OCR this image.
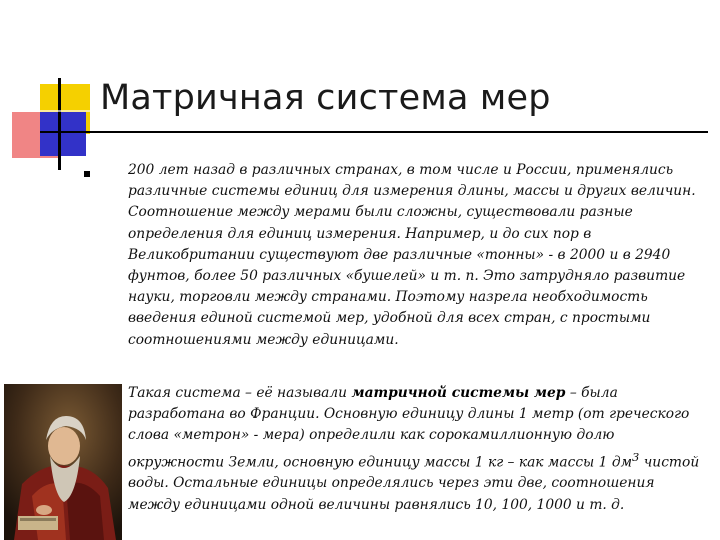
Матричная система мер

200 лет назад в различных странах, в том числе и России, применялись различные системы единиц для измерения длины, массы и других величин. Соотношение между мерами были сложны, существовали разные определения для единиц измерения. Например, и до сих пор в Великобритании существуют две различные «тонны» - в 2000 и в 2940 фунтов, более 50 различных «бушелей» и т. п. Это затрудняло развитие науки, торговли между странами. Поэтому назрела необходимость введения единой системой мер, удобной для всех стран, с простыми соотношениями между единицами.

Такая система – её называли матричной системы мер – была разработана во Франции. Основную единицу длины 1 метр (от греческого слова «метрон» - мера) определили как сорокамиллионную долю окружности Земли, основную единицу массы 1 кг – как массы 1 $дм^3$ чистой воды. Остальные единицы определялись через эти две, соотношения между единицами одной величины равнялись 10, 100, 1000 и т. д.
